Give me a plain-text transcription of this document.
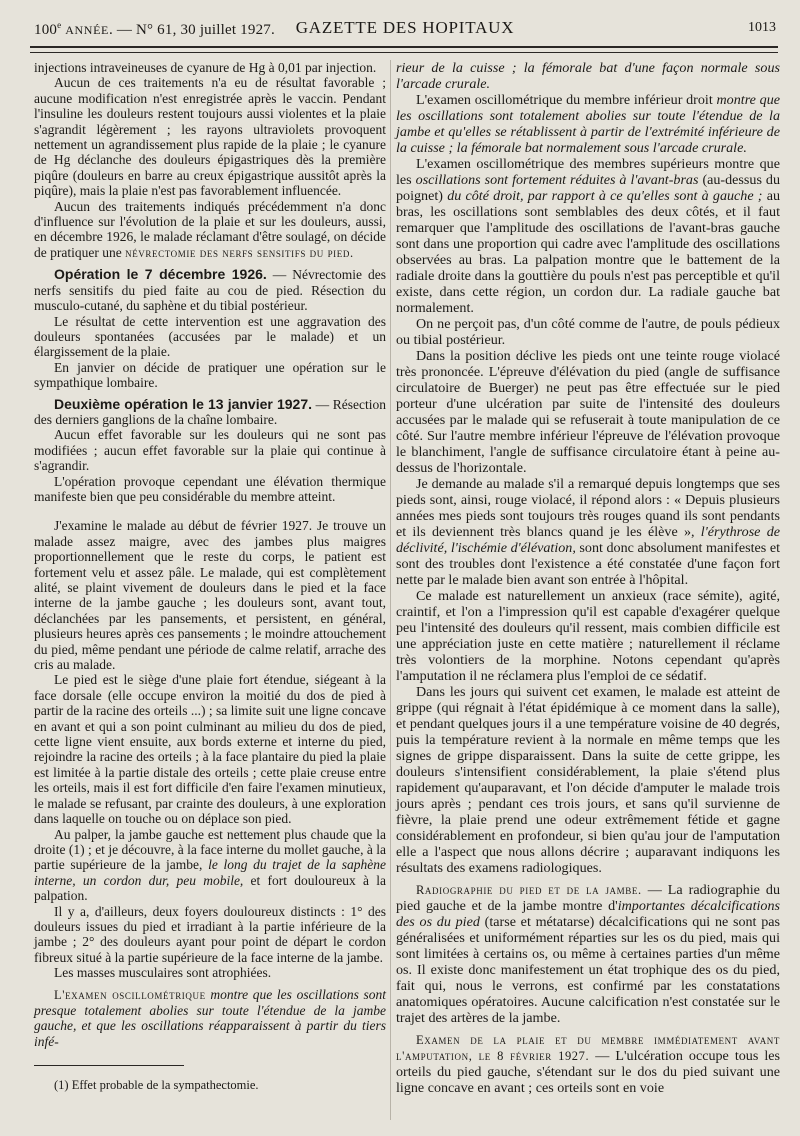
100e ANNÉE. — N° 61, 30 juillet 1927.	GAZETTE DES HOPITAUX	1013

injections intraveineuses de cyanure de Hg à 0,01 par injection.

Aucun de ces traitements n'a eu de résultat favorable ; aucune modification n'est enregistrée après le vaccin. Pendant l'insuline les douleurs restent toujours aussi violentes et la plaie s'agrandit légèrement ; les rayons ultraviolets provoquent nettement un agrandissement plus rapide de la plaie ; le cyanure de Hg déclanche des douleurs épigastriques dès la première piqûre (douleurs en barre au creux épigastrique aussitôt après la piqûre), mais la plaie n'est pas favorablement influencée.

Aucun des traitements indiqués précédemment n'a donc d'influence sur l'évolution de la plaie et sur les douleurs, aussi, en décembre 1926, le malade réclamant d'être soulagé, on décide de pratiquer une névrectomie des nerfs sensitifs du pied.

Opération le 7 décembre 1926. — Névrectomie des nerfs sensitifs du pied faite au cou de pied. Résection du musculo-cutané, du saphène et du tibial postérieur.

Le résultat de cette intervention est une aggravation des douleurs spontanées (accusées par le malade) et un élargissement de la plaie.

En janvier on décide de pratiquer une opération sur le sympathique lombaire.

Deuxième opération le 13 janvier 1927. — Résection des derniers ganglions de la chaîne lombaire.

Aucun effet favorable sur les douleurs qui ne sont pas modifiées ; aucun effet favorable sur la plaie qui continue à s'agrandir.

L'opération provoque cependant une élévation thermique manifeste bien que peu considérable du membre atteint.

J'examine le malade au début de février 1927. Je trouve un malade assez maigre, avec des jambes plus maigres proportionnellement que le reste du corps, le patient est fortement velu et assez pâle. Le malade, qui est complètement alité, se plaint vivement de douleurs dans le pied et la face interne de la jambe gauche ; les douleurs sont, avant tout, déclanchées par les pansements, et persistent, en général, plusieurs heures après ces pansements ; le moindre attouchement du pied, même pendant une période de calme relatif, arrache des cris au malade.

Le pied est le siège d'une plaie fort étendue, siégeant à la face dorsale (elle occupe environ la moitié du dos de pied à partir de la racine des orteils ...) ; sa limite suit une ligne concave en avant et qui a son point culminant au milieu du dos de pied, cette ligne vient ensuite, aux bords externe et interne du pied, rejoindre la racine des orteils ; à la face plantaire du pied la plaie est limitée à la partie distale des orteils ; cette plaie creuse entre les orteils, mais il est fort difficile d'en faire l'examen minutieux, le malade se refusant, par crainte des douleurs, à une exploration dans laquelle on touche ou on déplace son pied.

Au palper, la jambe gauche est nettement plus chaude que la droite (1) ; et je découvre, à la face interne du mollet gauche, à la partie supérieure de la jambe, le long du trajet de la saphène interne, un cordon dur, peu mobile, et fort douloureux à la palpation.

Il y a, d'ailleurs, deux foyers douloureux distincts : 1° des douleurs issues du pied et irradiant à la partie inférieure de la jambe ; 2° des douleurs ayant pour point de départ le cordon fibreux situé à la partie supérieure de la face interne de la jambe.

Les masses musculaires sont atrophiées.

L'examen oscillométrique montre que les oscillations sont presque totalement abolies sur toute l'étendue de la jambe gauche, et que les oscillations réapparaissent à partir du tiers infé-

(1) Effet probable de la sympathectomie.

rieur de la cuisse ; la fémorale bat d'une façon normale sous l'arcade crurale.

L'examen oscillométrique du membre inférieur droit montre que les oscillations sont totalement abolies sur toute l'étendue de la jambe et qu'elles se rétablissent à partir de l'extrémité inférieure de la cuisse ; la fémorale bat normalement sous l'arcade crurale.

L'examen oscillométrique des membres supérieurs montre que les oscillations sont fortement réduites à l'avant-bras (au-dessus du poignet) du côté droit, par rapport à ce qu'elles sont à gauche ; au bras, les oscillations sont semblables des deux côtés, et il faut remarquer que l'amplitude des oscillations de l'avant-bras gauche sont dans une proportion qui cadre avec l'amplitude des oscillations observées au bras. La palpation montre que le battement de la radiale droite dans la gouttière du pouls n'est pas perceptible et qu'il existe, dans cette région, un cordon dur. La radiale gauche bat normalement.

On ne perçoit pas, d'un côté comme de l'autre, de pouls pédieux ou tibial postérieur.

Dans la position déclive les pieds ont une teinte rouge violacé très prononcée. L'épreuve d'élévation du pied (angle de suffisance circulatoire de Buerger) ne peut pas être effectuée sur le pied porteur d'une ulcération par suite de l'intensité des douleurs accusées par le malade qui se refuserait à toute manipulation de ce côté. Sur l'autre membre inférieur l'épreuve de l'élévation provoque le blanchiment, l'angle de suffisance circulatoire étant à peine au-dessus de l'horizontale.

Je demande au malade s'il a remarqué depuis longtemps que ses pieds sont, ainsi, rouge violacé, il répond alors : « Depuis plusieurs années mes pieds sont toujours très rouges quand ils sont pendants et ils deviennent très blancs quand je les élève », l'érythrose de déclivité, l'ischémie d'élévation, sont donc absolument manifestes et sont des troubles dont l'existence a été constatée d'une façon fort nette par le malade bien avant son entrée à l'hôpital.

Ce malade est naturellement un anxieux (race sémite), agité, craintif, et l'on a l'impression qu'il est capable d'exagérer quelque peu l'intensité des douleurs qu'il ressent, mais combien difficile est une appréciation juste en cette matière ; naturellement il réclame très volontiers de la morphine. Notons cependant qu'après l'amputation il ne réclamera plus l'emploi de ce sédatif.

Dans les jours qui suivent cet examen, le malade est atteint de grippe (qui régnait à l'état épidémique à ce moment dans la salle), et pendant quelques jours il a une température voisine de 40 degrés, puis la température revient à la normale en même temps que les signes de grippe disparaissent. Dans la suite de cette grippe, les douleurs s'intensifient considérablement, la plaie s'étend plus rapidement qu'auparavant, et l'on décide d'amputer le malade trois jours après ; pendant ces trois jours, et sans qu'il survienne de fièvre, la plaie prend une odeur extrêmement fétide et gagne considérablement en profondeur, si bien qu'au jour de l'amputation elle a l'aspect que nous allons décrire ; auparavant indiquons les résultats des examens radiologiques.

Radiographie du pied et de la jambe. — La radiographie du pied gauche et de la jambe montre d'importantes décalcifications des os du pied (tarse et métatarse) décalcifications qui ne sont pas généralisées et uniformément réparties sur les os du pied, mais qui sont limitées à certains os, ou même à certaines parties d'un même os. Il existe donc manifestement un état trophique des os du pied, fait qui, nous le verrons, est confirmé par les constatations anatomiques opératoires. Aucune calcification n'est constatée sur le trajet des artères de la jambe.

Examen de la plaie et du membre immédiatement avant l'amputation, le 8 février 1927. — L'ulcération occupe tous les orteils du pied gauche, s'étendant sur le dos du pied suivant une ligne concave en avant ; ces orteils sont en voie
